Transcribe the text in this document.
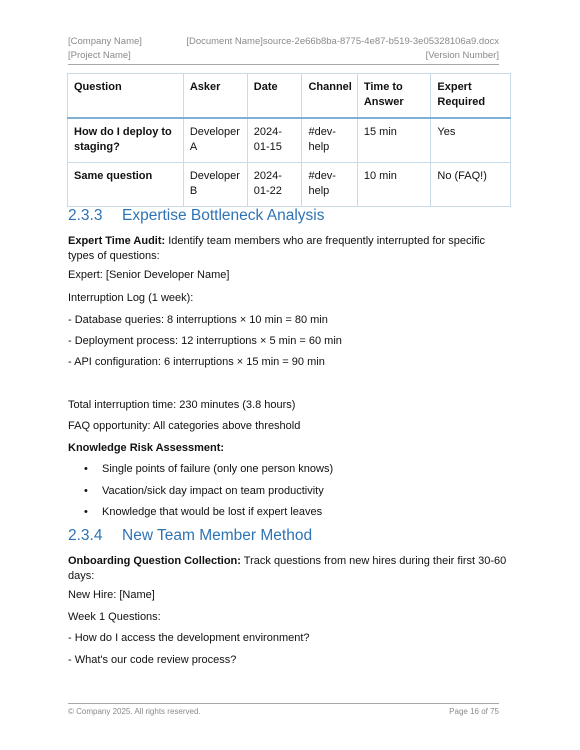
[Company Name]	[Document Name]source-2e66b8ba-8775-4e87-b519-3e05328106a9.docx
[Project Name]	[Version Number]
Question	Asker	Date	Channel	Time to Answer	Expert Required
How do I deploy to staging?	Developer A	2024-01-15	#dev-help	15 min	Yes
Same question	Developer B	2024-01-22	#dev-help	10 min	No (FAQ!)
2.3.3 Expertise Bottleneck Analysis
Expert Time Audit: Identify team members who are frequently interrupted for specific types of questions:
Expert: [Senior Developer Name]
Interruption Log (1 week):
- Database queries: 8 interruptions × 10 min = 80 min
- Deployment process: 12 interruptions × 5 min = 60 min
- API configuration: 6 interruptions × 15 min = 90 min
Total interruption time: 230 minutes (3.8 hours)
FAQ opportunity: All categories above threshold
Knowledge Risk Assessment:
• Single points of failure (only one person knows)
• Vacation/sick day impact on team productivity
• Knowledge that would be lost if expert leaves
2.3.4 New Team Member Method
Onboarding Question Collection: Track questions from new hires during their first 30-60 days:
New Hire: [Name]
Week 1 Questions:
- How do I access the development environment?
- What's our code review process?
© Company 2025. All rights reserved.	Page 16 of 75
